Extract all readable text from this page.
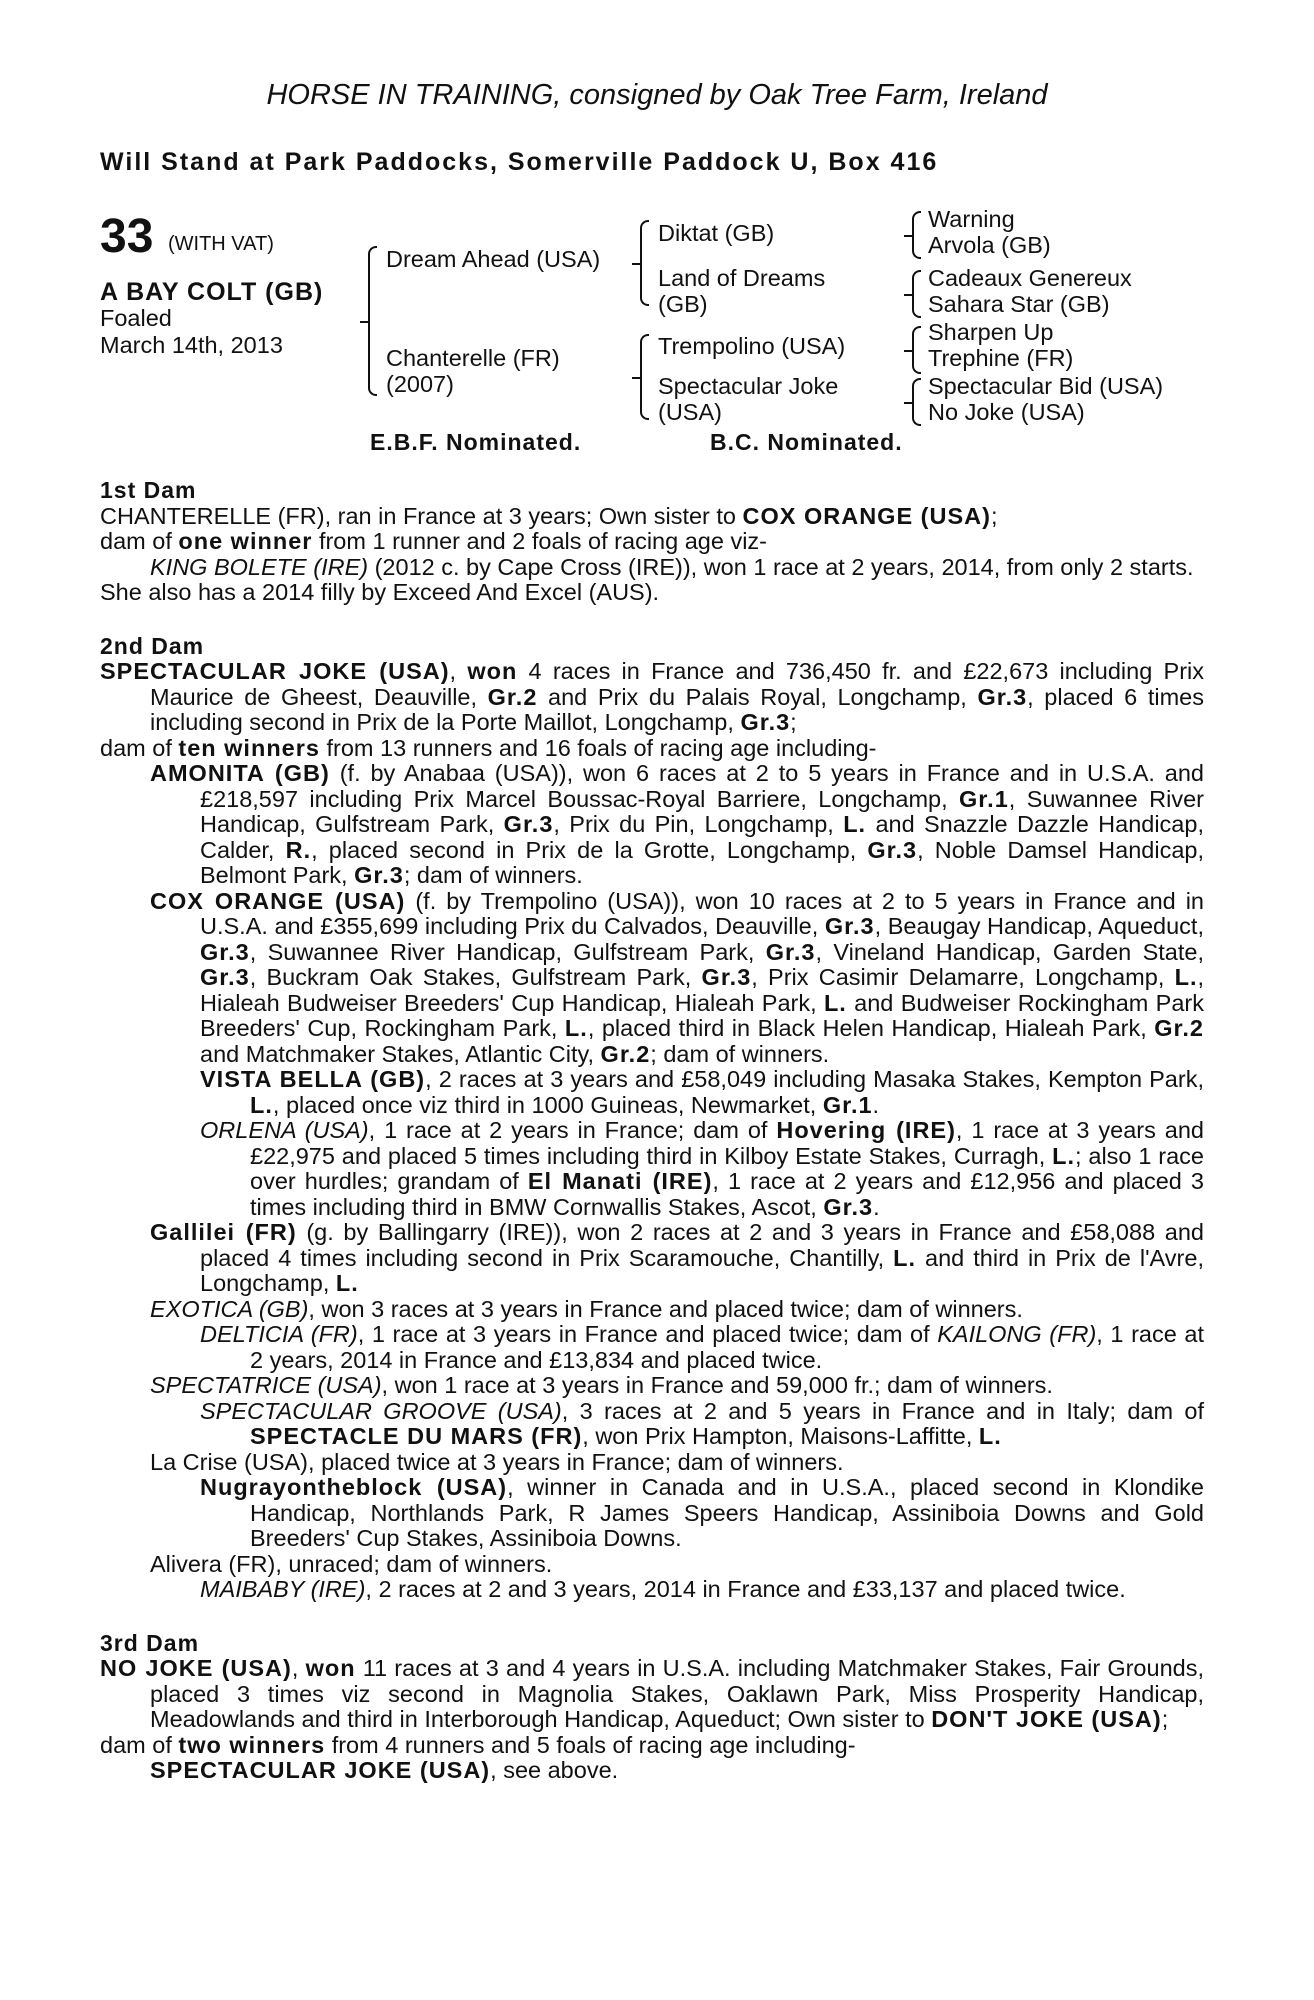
HORSE IN TRAINING, consigned by Oak Tree Farm, Ireland
Will Stand at Park Paddocks, Somerville Paddock U, Box 416
33 (WITH VAT)
A BAY COLT (GB)
Foaled
March 14th, 2013
Dream Ahead (USA)
Chanterelle (FR)
(2007)
Diktat (GB)
Land of Dreams
(GB)
Trempolino (USA)
Spectacular Joke
(USA)
Warning
Arvola (GB)
Cadeaux Genereux
Sahara Star (GB)
Sharpen Up
Trephine (FR)
Spectacular Bid (USA)
No Joke (USA)
E.B.F. Nominated.	B.C. Nominated.
1st Dam

CHANTERELLE (FR), ran in France at 3 years; Own sister to COX ORANGE (USA);

dam of one winner from 1 runner and 2 foals of racing age viz-

KING BOLETE (IRE) (2012 c. by Cape Cross (IRE)), won 1 race at 2 years, 2014, from only 2 starts.

She also has a 2014 filly by Exceed And Excel (AUS).

2nd Dam

SPECTACULAR JOKE (USA), won 4 races in France and 736,450 fr. and £22,673 including Prix Maurice de Gheest, Deauville, Gr.2 and Prix du Palais Royal, Longchamp, Gr.3, placed 6 times including second in Prix de la Porte Maillot, Longchamp, Gr.3;

dam of ten winners from 13 runners and 16 foals of racing age including-

AMONITA (GB) (f. by Anabaa (USA)), won 6 races at 2 to 5 years in France and in U.S.A. and £218,597 including Prix Marcel Boussac-Royal Barriere, Longchamp, Gr.1, Suwannee River Handicap, Gulfstream Park, Gr.3, Prix du Pin, Longchamp, L. and Snazzle Dazzle Handicap, Calder, R., placed second in Prix de la Grotte, Longchamp, Gr.3, Noble Damsel Handicap, Belmont Park, Gr.3; dam of winners.

COX ORANGE (USA) (f. by Trempolino (USA)), won 10 races at 2 to 5 years in France and in U.S.A. and £355,699 including Prix du Calvados, Deauville, Gr.3, Beaugay Handicap, Aqueduct, Gr.3, Suwannee River Handicap, Gulfstream Park, Gr.3, Vineland Handicap, Garden State, Gr.3, Buckram Oak Stakes, Gulfstream Park, Gr.3, Prix Casimir Delamarre, Longchamp, L., Hialeah Budweiser Breeders' Cup Handicap, Hialeah Park, L. and Budweiser Rockingham Park Breeders' Cup, Rockingham Park, L., placed third in Black Helen Handicap, Hialeah Park, Gr.2 and Matchmaker Stakes, Atlantic City, Gr.2; dam of winners.

VISTA BELLA (GB), 2 races at 3 years and £58,049 including Masaka Stakes, Kempton Park, L., placed once viz third in 1000 Guineas, Newmarket, Gr.1.

ORLENA (USA), 1 race at 2 years in France; dam of Hovering (IRE), 1 race at 3 years and £22,975 and placed 5 times including third in Kilboy Estate Stakes, Curragh, L.; also 1 race over hurdles; grandam of El Manati (IRE), 1 race at 2 years and £12,956 and placed 3 times including third in BMW Cornwallis Stakes, Ascot, Gr.3.

Gallilei (FR) (g. by Ballingarry (IRE)), won 2 races at 2 and 3 years in France and £58,088 and placed 4 times including second in Prix Scaramouche, Chantilly, L. and third in Prix de l'Avre, Longchamp, L.

EXOTICA (GB), won 3 races at 3 years in France and placed twice; dam of winners.

DELTICIA (FR), 1 race at 3 years in France and placed twice; dam of KAILONG (FR), 1 race at 2 years, 2014 in France and £13,834 and placed twice.

SPECTATRICE (USA), won 1 race at 3 years in France and 59,000 fr.; dam of winners.

SPECTACULAR GROOVE (USA), 3 races at 2 and 5 years in France and in Italy; dam of SPECTACLE DU MARS (FR), won Prix Hampton, Maisons-Laffitte, L.

La Crise (USA), placed twice at 3 years in France; dam of winners.

Nugrayontheblock (USA), winner in Canada and in U.S.A., placed second in Klondike Handicap, Northlands Park, R James Speers Handicap, Assiniboia Downs and Gold Breeders' Cup Stakes, Assiniboia Downs.

Alivera (FR), unraced; dam of winners.

MAIBABY (IRE), 2 races at 2 and 3 years, 2014 in France and £33,137 and placed twice.

3rd Dam

NO JOKE (USA), won 11 races at 3 and 4 years in U.S.A. including Matchmaker Stakes, Fair Grounds, placed 3 times viz second in Magnolia Stakes, Oaklawn Park, Miss Prosperity Handicap, Meadowlands and third in Interborough Handicap, Aqueduct; Own sister to DON'T JOKE (USA);

dam of two winners from 4 runners and 5 foals of racing age including-

SPECTACULAR JOKE (USA), see above.
